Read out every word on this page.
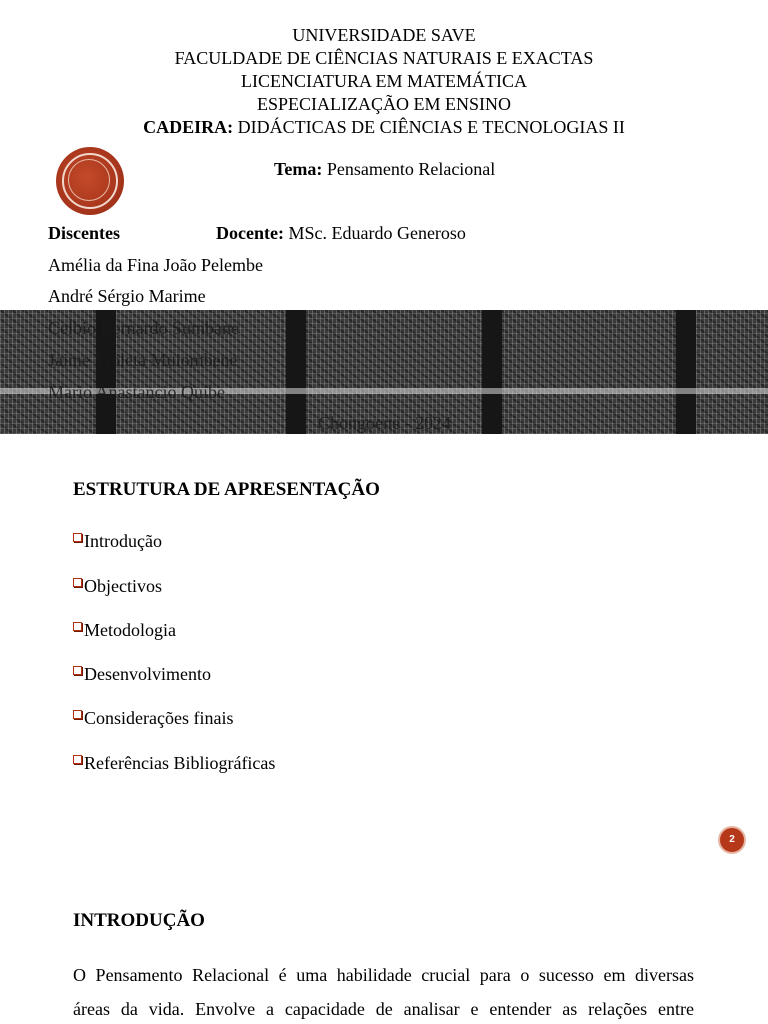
UNIVERSIDADE SAVE
FACULDADE DE CIÊNCIAS NATURAIS E EXACTAS
LICENCIATURA EM MATEMÁTICA
ESPECIALIZAÇÃO EM ENSINO
CADEIRA: DIDÁCTICAS DE CIÊNCIAS E TECNOLOGIAS II
Tema: Pensamento Relacional
Discentes	Docente: MSc. Eduardo Generoso
Amélia da Fina João Pelembe
André Sérgio Marime
Celbio Bernardo Sumbane
Jaime Violeta Muiombene
Mario Anastancio Quibe
Chongoene - 2024
ESTRUTURA DE APRESENTAÇÃO
Introdução
Objectivos
Metodologia
Desenvolvimento
Considerações finais
Referências Bibliográficas
2
INTRODUÇÃO
O Pensamento Relacional é uma habilidade crucial para o sucesso em diversas
áreas da vida. Envolve a capacidade de analisar e entender as relações entre
